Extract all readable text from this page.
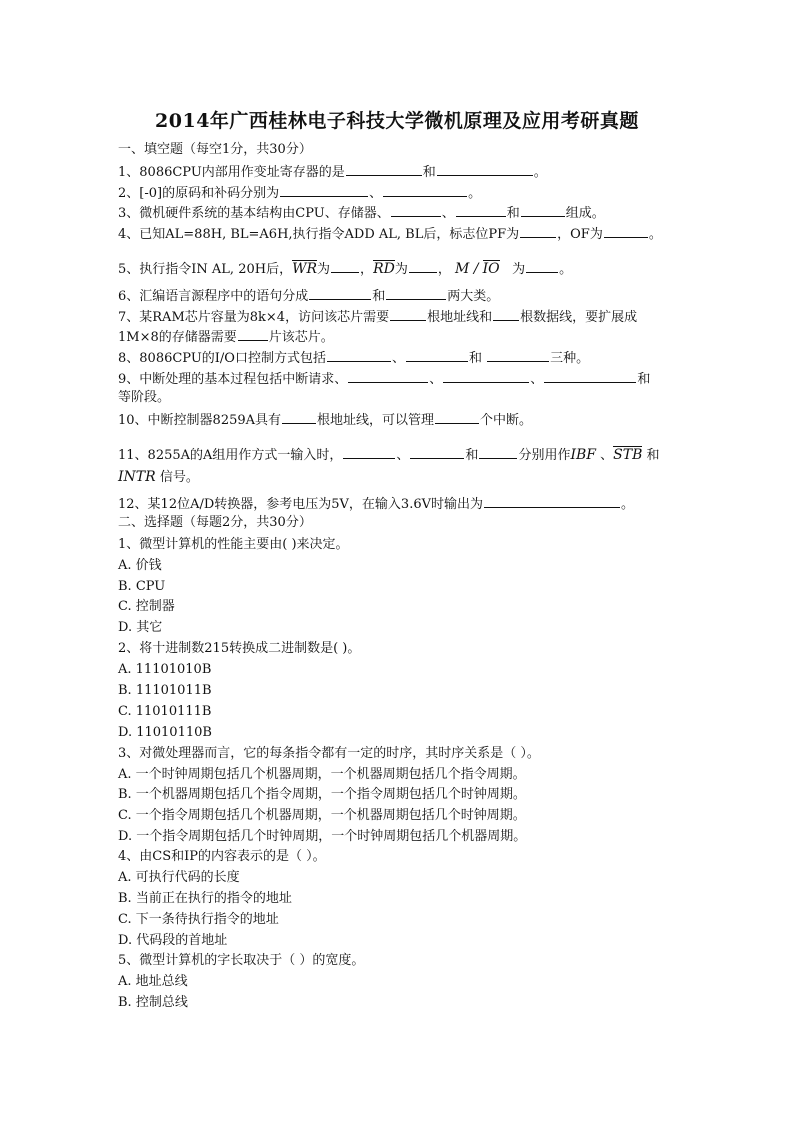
2014年广西桂林电子科技大学微机原理及应用考研真题
一、填空题（每空1分，共30分）
1、8086CPU内部用作变址寄存器的是	和	。
2、[-0]的原码和补码分别为	、	。
3、微机硬件系统的基本结构由CPU、存储器、	、	和	组成。
4、已知AL=88H, BL=A6H,执行指令ADD AL, BL后，标志位PF为	，OF为	。
5、执行指令IN AL, 20H后，WR为 ，RD为 ， M / IO 为	。
6、汇编语言源程序中的语句分成	和	两大类。
7、某RAM芯片容量为8k×4，访问该芯片需要	根地址线和 根数据线，要扩展成
1M×8的存储器需要 片该芯片。
8、8086CPU的I/O口控制方式包括	、	和	三种。
9、中断处理的基本过程包括中断请求、	、	、	和
等阶段。
10、中断控制器8259A具有	根地址线，可以管理	个中断。
11、8255A的A组用作方式一输入时，	、	和	分别用作IBF 、STB 和
INTR 信号。
12、某12位A/D转换器，参考电压为5V，在输入3.6V时输出为	。
二、选择题（每题2分，共30分）
1、微型计算机的性能主要由( )来决定。
A. 价钱
B. CPU
C. 控制器
D. 其它
2、将十进制数215转换成二进制数是( )。
A. 11101010B
B. 11101011B
C. 11010111B
D. 11010110B
3、对微处理器而言，它的每条指令都有一定的时序，其时序关系是（ ）。
A. 一个时钟周期包括几个机器周期，一个机器周期包括几个指令周期。
B. 一个机器周期包括几个指令周期，一个指令周期包括几个时钟周期。
C. 一个指令周期包括几个机器周期，一个机器周期包括几个时钟周期。
D. 一个指令周期包括几个时钟周期，一个时钟周期包括几个机器周期。
4、由CS和IP的内容表示的是（ ）。
A. 可执行代码的长度
B. 当前正在执行的指令的地址
C. 下一条待执行指令的地址
D. 代码段的首地址
5、微型计算机的字长取决于（ ）的宽度。
A. 地址总线
B. 控制总线
